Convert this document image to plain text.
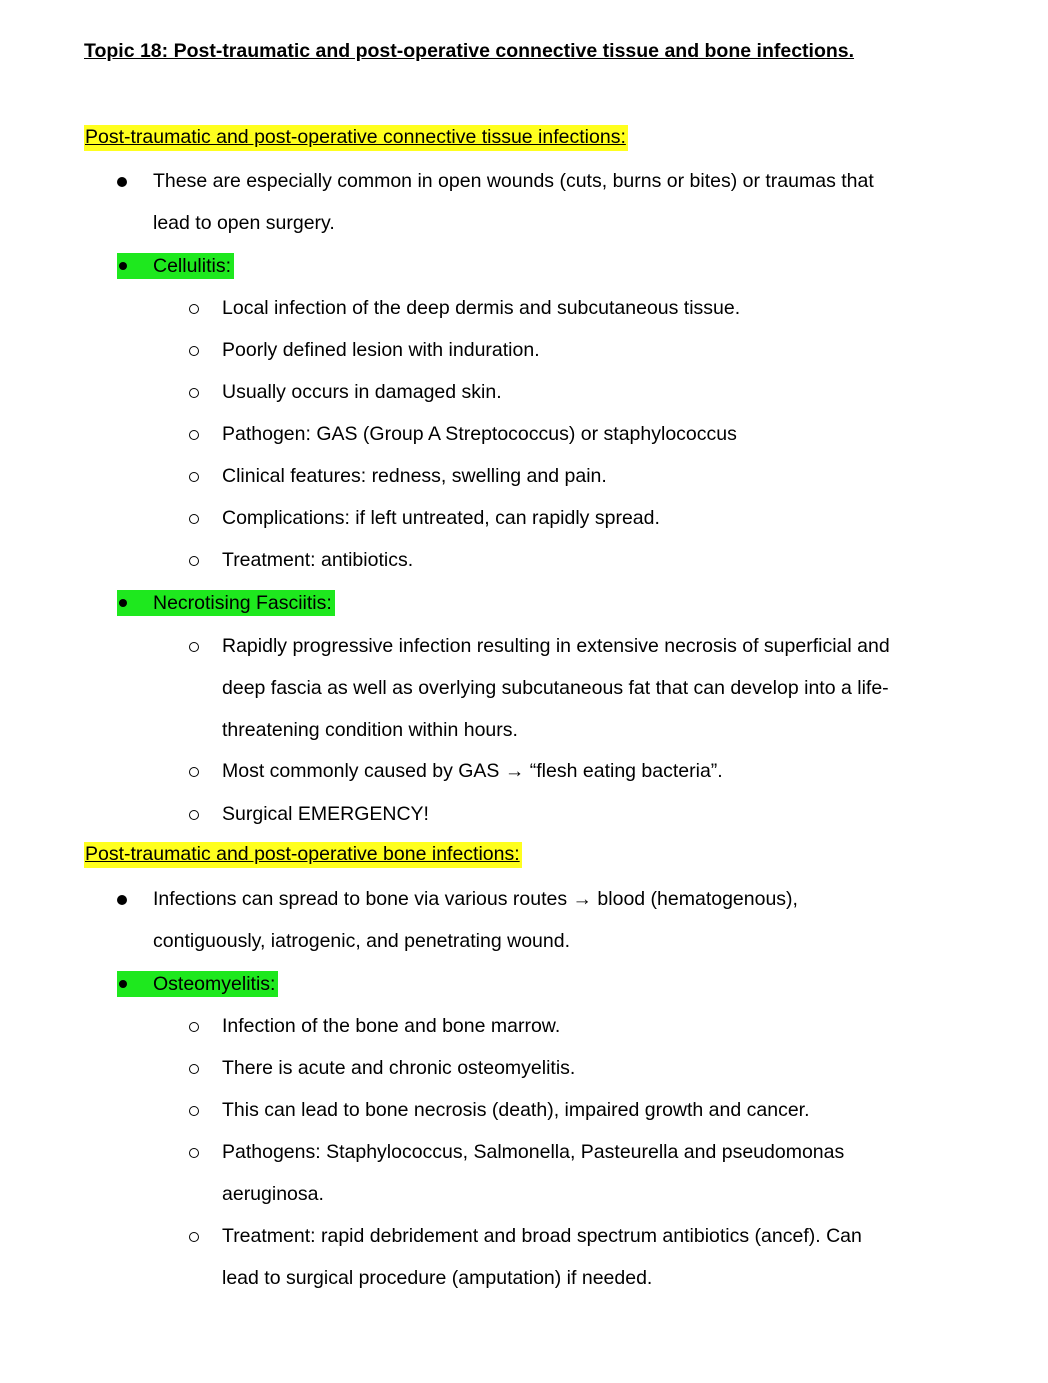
Topic 18: Post-traumatic and post-operative connective tissue and bone infections.
Post-traumatic and post-operative connective tissue infections:
These are especially common in open wounds (cuts, burns or bites) or traumas that
lead to open surgery.
Cellulitis:
Local infection of the deep dermis and subcutaneous tissue.
Poorly defined lesion with induration.
Usually occurs in damaged skin.
Pathogen: GAS (Group A Streptococcus) or staphylococcus
Clinical features: redness, swelling and pain.
Complications: if left untreated, can rapidly spread.
Treatment: antibiotics.
Necrotising Fasciitis:
Rapidly progressive infection resulting in extensive necrosis of superficial and
deep fascia as well as overlying subcutaneous fat that can develop into a life-
threatening condition within hours.
Most commonly caused by GAS → “flesh eating bacteria”.
Surgical EMERGENCY!
Post-traumatic and post-operative bone infections:
Infections can spread to bone via various routes → blood (hematogenous),
contiguously, iatrogenic, and penetrating wound.
Osteomyelitis:
Infection of the bone and bone marrow.
There is acute and chronic osteomyelitis.
This can lead to bone necrosis (death), impaired growth and cancer.
Pathogens: Staphylococcus, Salmonella, Pasteurella and pseudomonas
aeruginosa.
Treatment: rapid debridement and broad spectrum antibiotics (ancef). Can
lead to surgical procedure (amputation) if needed.
